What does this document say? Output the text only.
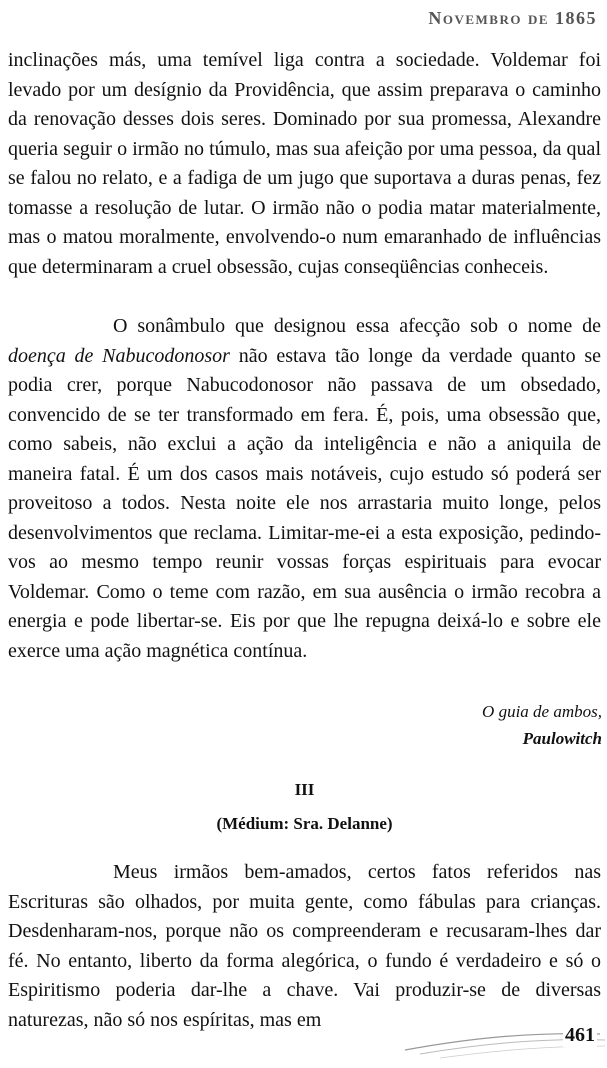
Novembro de 1865

inclinações más, uma temível liga contra a sociedade. Voldemar foi levado por um desígnio da Providência, que assim preparava o caminho da renovação desses dois seres. Dominado por sua promessa, Alexandre queria seguir o irmão no túmulo, mas sua afeição por uma pessoa, da qual se falou no relato, e a fadiga de um jugo que suportava a duras penas, fez tomasse a resolução de lutar. O irmão não o podia matar materialmente, mas o matou moralmente, envolvendo-o num emaranhado de influências que determinaram a cruel obsessão, cujas conseqüências conheceis.

O sonâmbulo que designou essa afecção sob o nome de doença de Nabucodonosor não estava tão longe da verdade quanto se podia crer, porque Nabucodonosor não passava de um obsedado, convencido de se ter transformado em fera. É, pois, uma obsessão que, como sabeis, não exclui a ação da inteligência e não a aniquila de maneira fatal. É um dos casos mais notáveis, cujo estudo só poderá ser proveitoso a todos. Nesta noite ele nos arrastaria muito longe, pelos desenvolvimentos que reclama. Limitar-me-ei a esta exposição, pedindo-vos ao mesmo tempo reunir vossas forças espirituais para evocar Voldemar. Como o teme com razão, em sua ausência o irmão recobra a energia e pode libertar-se. Eis por que lhe repugna deixá-lo e sobre ele exerce uma ação magnética contínua.

O guia de ambos,
Paulowitch
III
(Médium: Sra. Delanne)

Meus irmãos bem-amados, certos fatos referidos nas Escrituras são olhados, por muita gente, como fábulas para crianças. Desdenharam-nos, porque não os compreenderam e recusaram-lhes dar fé. No entanto, liberto da forma alegórica, o fundo é verdadeiro e só o Espiritismo poderia dar-lhe a chave. Vai produzir-se de diversas naturezas, não só nos espíritas, mas em

461
